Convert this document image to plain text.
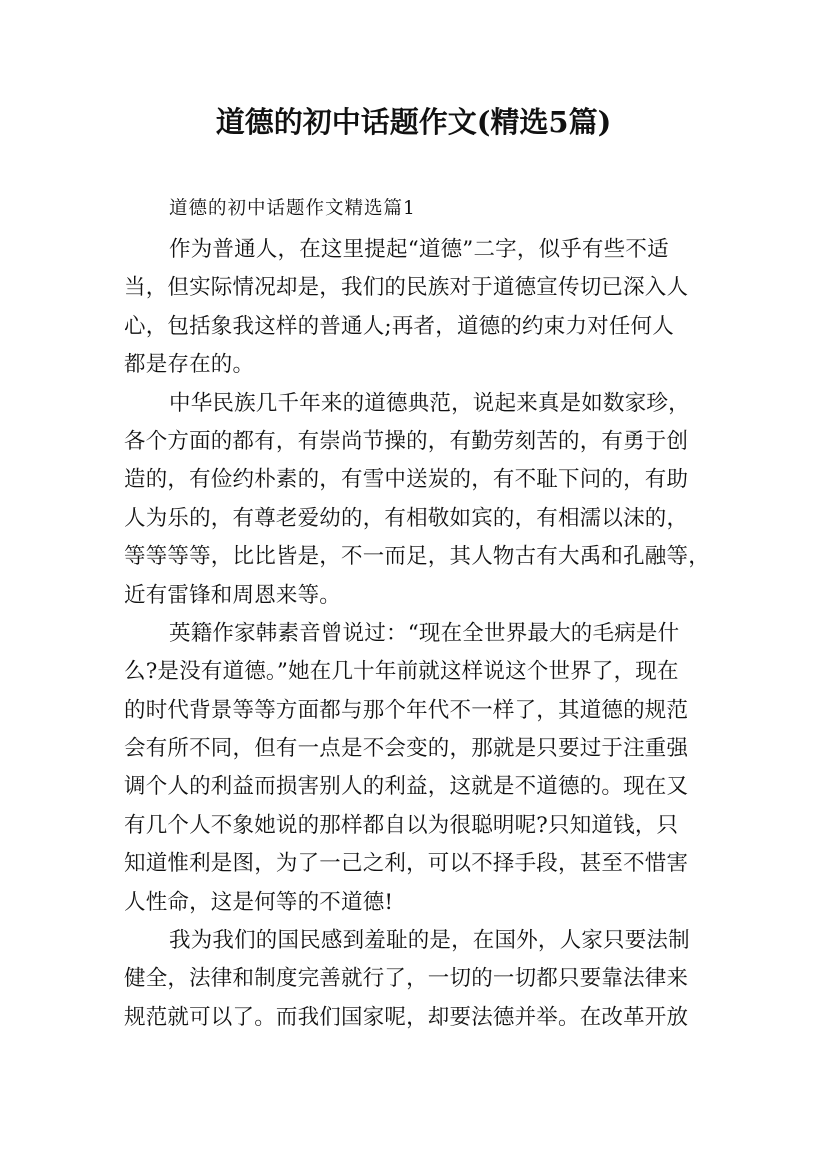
道德的初中话题作文(精选5篇)
道德的初中话题作文精选篇1
作为普通人，在这里提起“道德”二字，似乎有些不适
当，但实际情况却是，我们的民族对于道德宣传切已深入人
心，包括象我这样的普通人;再者，道德的约束力对任何人
都是存在的。
中华民族几千年来的道德典范，说起来真是如数家珍，
各个方面的都有，有崇尚节操的，有勤劳刻苦的，有勇于创
造的，有俭约朴素的，有雪中送炭的，有不耻下问的，有助
人为乐的，有尊老爱幼的，有相敬如宾的，有相濡以沫的，
等等等等，比比皆是，不一而足，其人物古有大禹和孔融等，
近有雷锋和周恩来等。
英籍作家韩素音曾说过：“现在全世界最大的毛病是什
么?是没有道德。”她在几十年前就这样说这个世界了，现在
的时代背景等等方面都与那个年代不一样了，其道德的规范
会有所不同，但有一点是不会变的，那就是只要过于注重强
调个人的利益而损害别人的利益，这就是不道德的。现在又
有几个人不象她说的那样都自以为很聪明呢?只知道钱，只
知道惟利是图，为了一己之利，可以不择手段，甚至不惜害
人性命，这是何等的不道德!
我为我们的国民感到羞耻的是，在国外，人家只要法制
健全，法律和制度完善就行了，一切的一切都只要靠法律来
规范就可以了。而我们国家呢，却要法德并举。在改革开放
